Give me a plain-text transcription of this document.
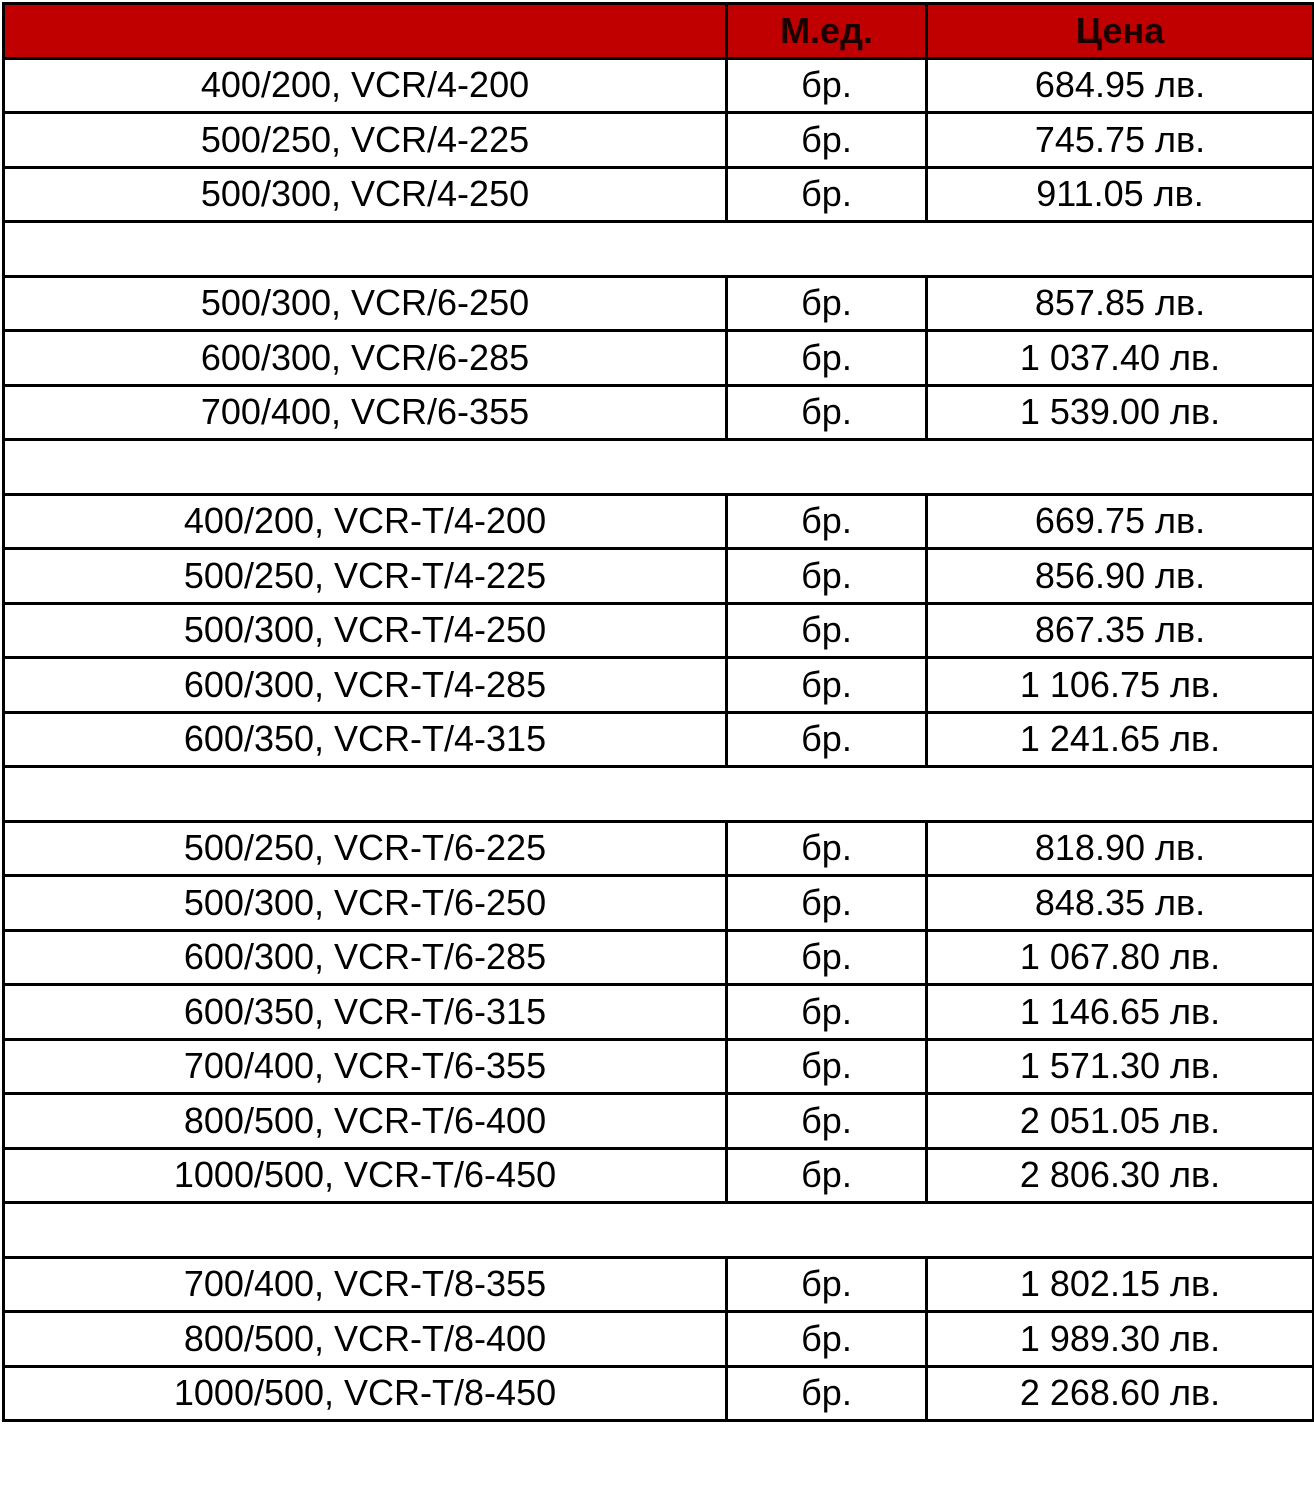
	М.ед.	Цена
400/200, VCR/4-200	бр.	684.95 лв.
500/250, VCR/4-225	бр.	745.75 лв.
500/300, VCR/4-250	бр.	911.05 лв.

500/300, VCR/6-250	бр.	857.85 лв.
600/300, VCR/6-285	бр.	1 037.40 лв.
700/400, VCR/6-355	бр.	1 539.00 лв.

400/200, VCR-T/4-200	бр.	669.75 лв.
500/250, VCR-T/4-225	бр.	856.90 лв.
500/300, VCR-T/4-250	бр.	867.35 лв.
600/300, VCR-T/4-285	бр.	1 106.75 лв.
600/350, VCR-T/4-315	бр.	1 241.65 лв.

500/250, VCR-T/6-225	бр.	818.90 лв.
500/300, VCR-T/6-250	бр.	848.35 лв.
600/300, VCR-T/6-285	бр.	1 067.80 лв.
600/350, VCR-T/6-315	бр.	1 146.65 лв.
700/400, VCR-T/6-355	бр.	1 571.30 лв.
800/500, VCR-T/6-400	бр.	2 051.05 лв.
1000/500, VCR-T/6-450	бр.	2 806.30 лв.

700/400, VCR-T/8-355	бр.	1 802.15 лв.
800/500, VCR-T/8-400	бр.	1 989.30 лв.
1000/500, VCR-T/8-450	бр.	2 268.60 лв.
